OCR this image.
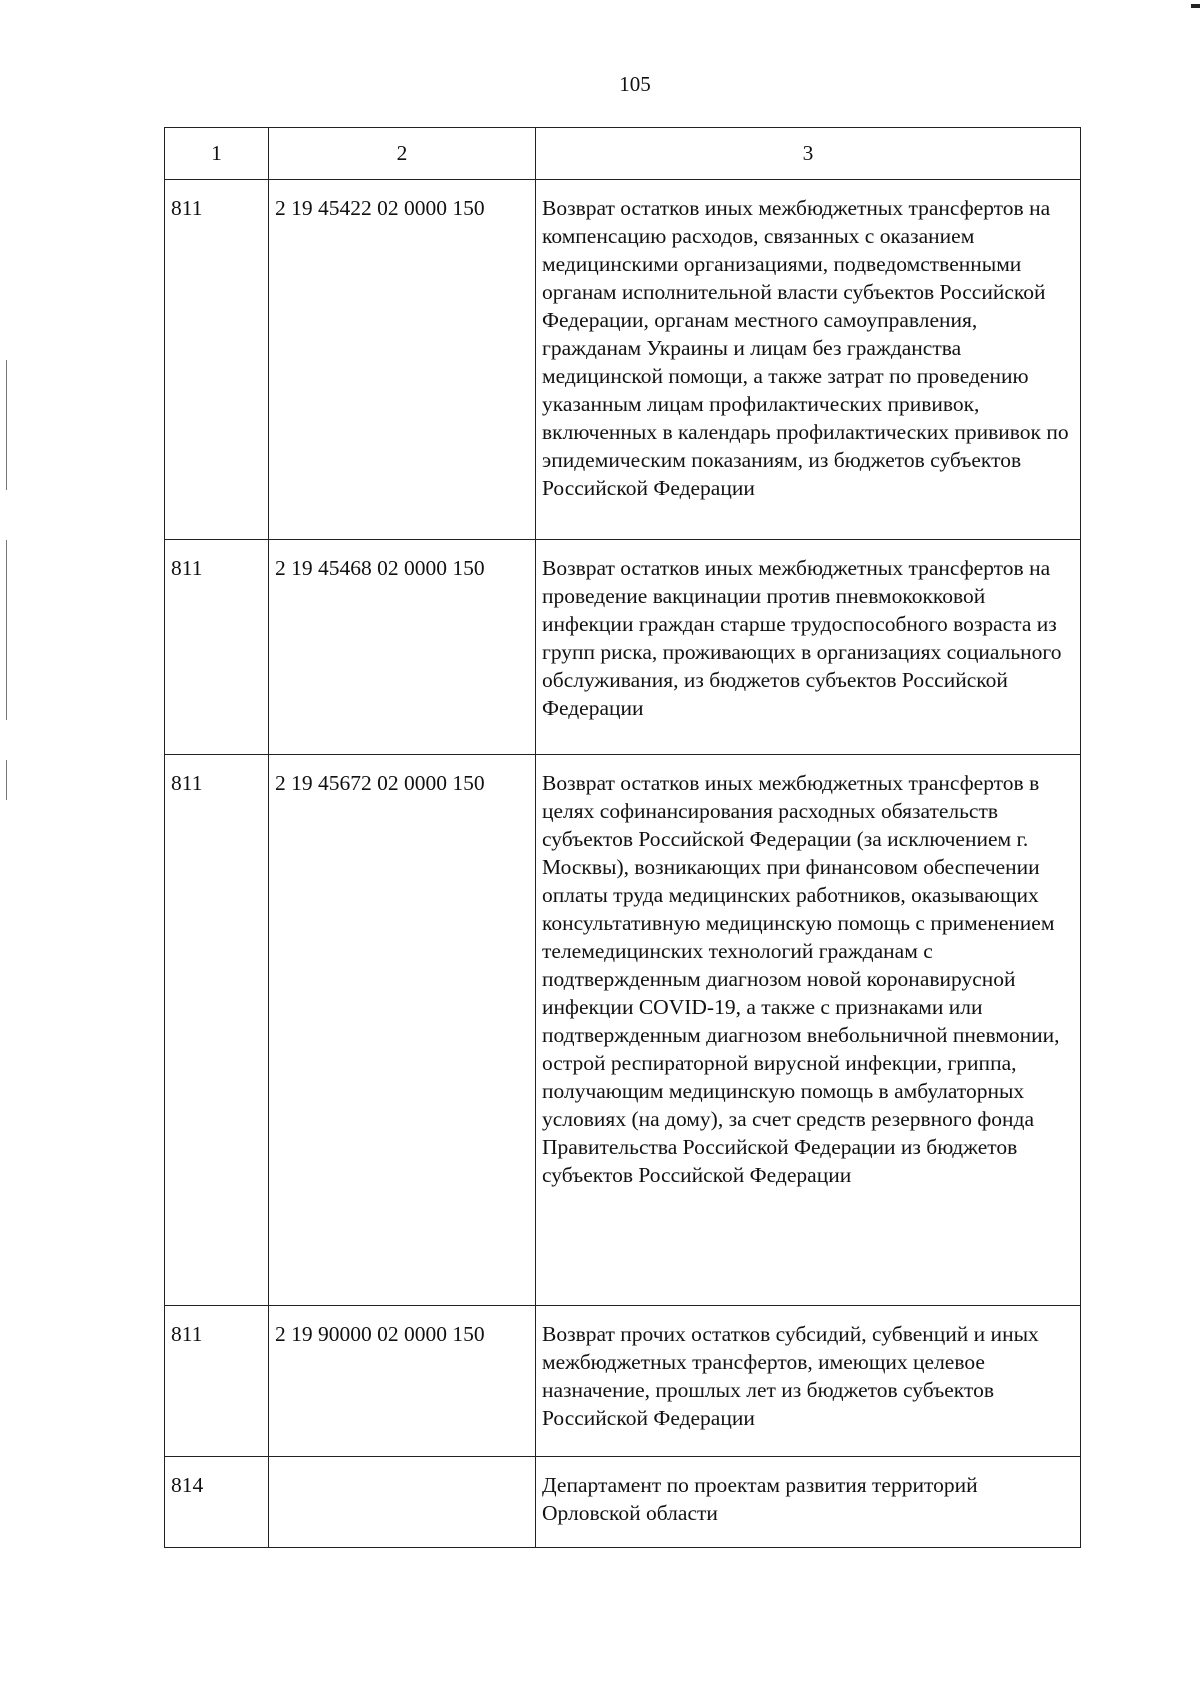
105
1	2	3
811	2 19 45422 02 0000 150	Возврат остатков иных межбюджетных трансфертов на компенсацию расходов, связанных с оказанием медицинскими организациями, подведомственными органам исполнительной власти субъектов Российской Федерации, органам местного самоуправления, гражданам Украины и лицам без гражданства медицинской помощи, а также затрат по проведению указанным лицам профилактических прививок, включенных в календарь профилактических прививок по эпидемическим показаниям, из бюджетов субъектов Российской Федерации
811	2 19 45468 02 0000 150	Возврат остатков иных межбюджетных трансфертов на проведение вакцинации против пневмококковой инфекции граждан старше трудоспособного возраста из групп риска, проживающих в организациях социального обслуживания, из бюджетов субъектов Российской Федерации
811	2 19 45672 02 0000 150	Возврат остатков иных межбюджетных трансфертов в целях софинансирования расходных обязательств субъектов Российской Федерации (за исключением г. Москвы), возникающих при финансовом обеспечении оплаты труда медицинских работников, оказывающих консультативную медицинскую помощь с применением телемедицинских технологий гражданам с подтвержденным диагнозом новой коронавирусной инфекции COVID-19, а также с признаками или подтвержденным диагнозом внебольничной пневмонии, острой респираторной вирусной инфекции, гриппа, получающим медицинскую помощь в амбулаторных условиях (на дому), за счет средств резервного фонда Правительства Российской Федерации из бюджетов субъектов Российской Федерации
811	2 19 90000 02 0000 150	Возврат прочих остатков субсидий, субвенций и иных межбюджетных трансфертов, имеющих целевое назначение, прошлых лет из бюджетов субъектов Российской Федерации
814		Департамент по проектам развития территорий Орловской области
